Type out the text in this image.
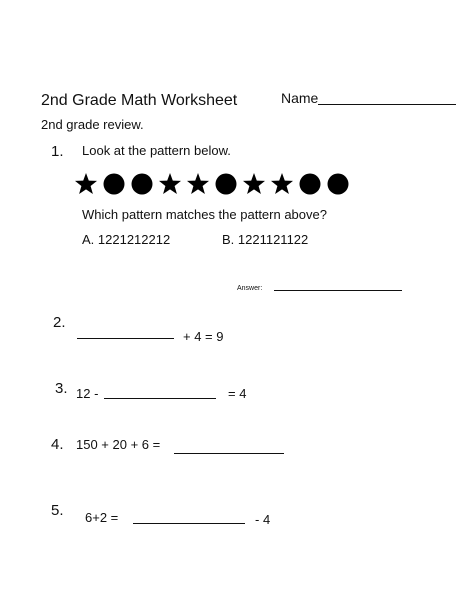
2nd Grade Math Worksheet	Name
2nd grade review.
1. Look at the pattern below.
Which pattern matches the pattern above?
A. 1221212212	B. 1221121122
Answer:
2.
+ 4 = 9
3. 12 -	= 4
4. 150 + 20 + 6 =
5. 6+2 =	- 4
